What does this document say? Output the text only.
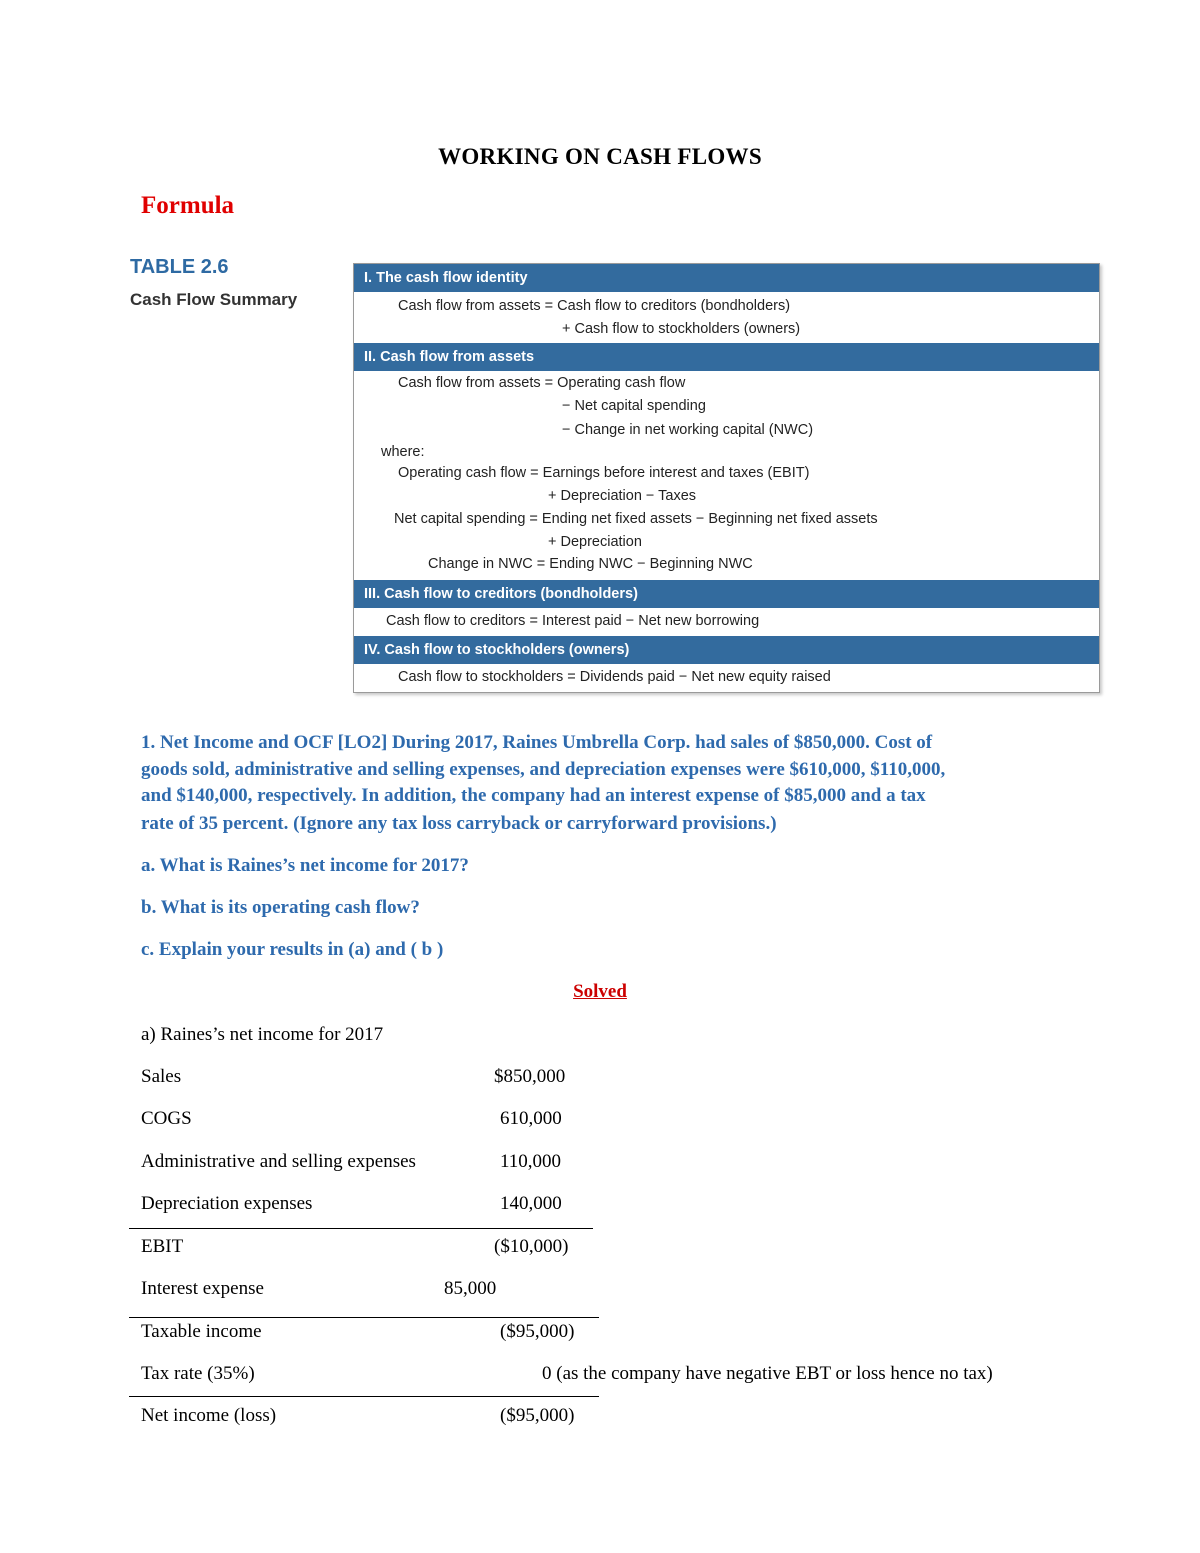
WORKING ON CASH FLOWS
Formula
TABLE 2.6
Cash Flow Summary
I. The cash flow identity
Cash flow from assets = Cash flow to creditors (bondholders)
+ Cash flow to stockholders (owners)
II. Cash flow from assets
Cash flow from assets = Operating cash flow
− Net capital spending
− Change in net working capital (NWC)
where:
Operating cash flow = Earnings before interest and taxes (EBIT)
+ Depreciation − Taxes
Net capital spending = Ending net fixed assets − Beginning net fixed assets
+ Depreciation
Change in NWC = Ending NWC − Beginning NWC
III. Cash flow to creditors (bondholders)
Cash flow to creditors = Interest paid − Net new borrowing
IV. Cash flow to stockholders (owners)
Cash flow to stockholders = Dividends paid − Net new equity raised
1. Net Income and OCF [LO2] During 2017, Raines Umbrella Corp. had sales of $850,000. Cost of
goods sold, administrative and selling expenses, and depreciation expenses were $610,000, $110,000,
and $140,000, respectively. In addition, the company had an interest expense of $85,000 and a tax
rate of 35 percent. (Ignore any tax loss carryback or carryforward provisions.)
a. What is Raines’s net income for 2017?
b. What is its operating cash flow?
c. Explain your results in (a) and ( b )
Solved
a) Raines’s net income for 2017
Sales	$850,000
COGS	610,000
Administrative and selling expenses	110,000
Depreciation expenses	140,000
EBIT	($10,000)
Interest expense	85,000
Taxable income	($95,000)
Tax rate (35%)	0 (as the company have negative EBT or loss hence no tax)
Net income (loss)	($95,000)
